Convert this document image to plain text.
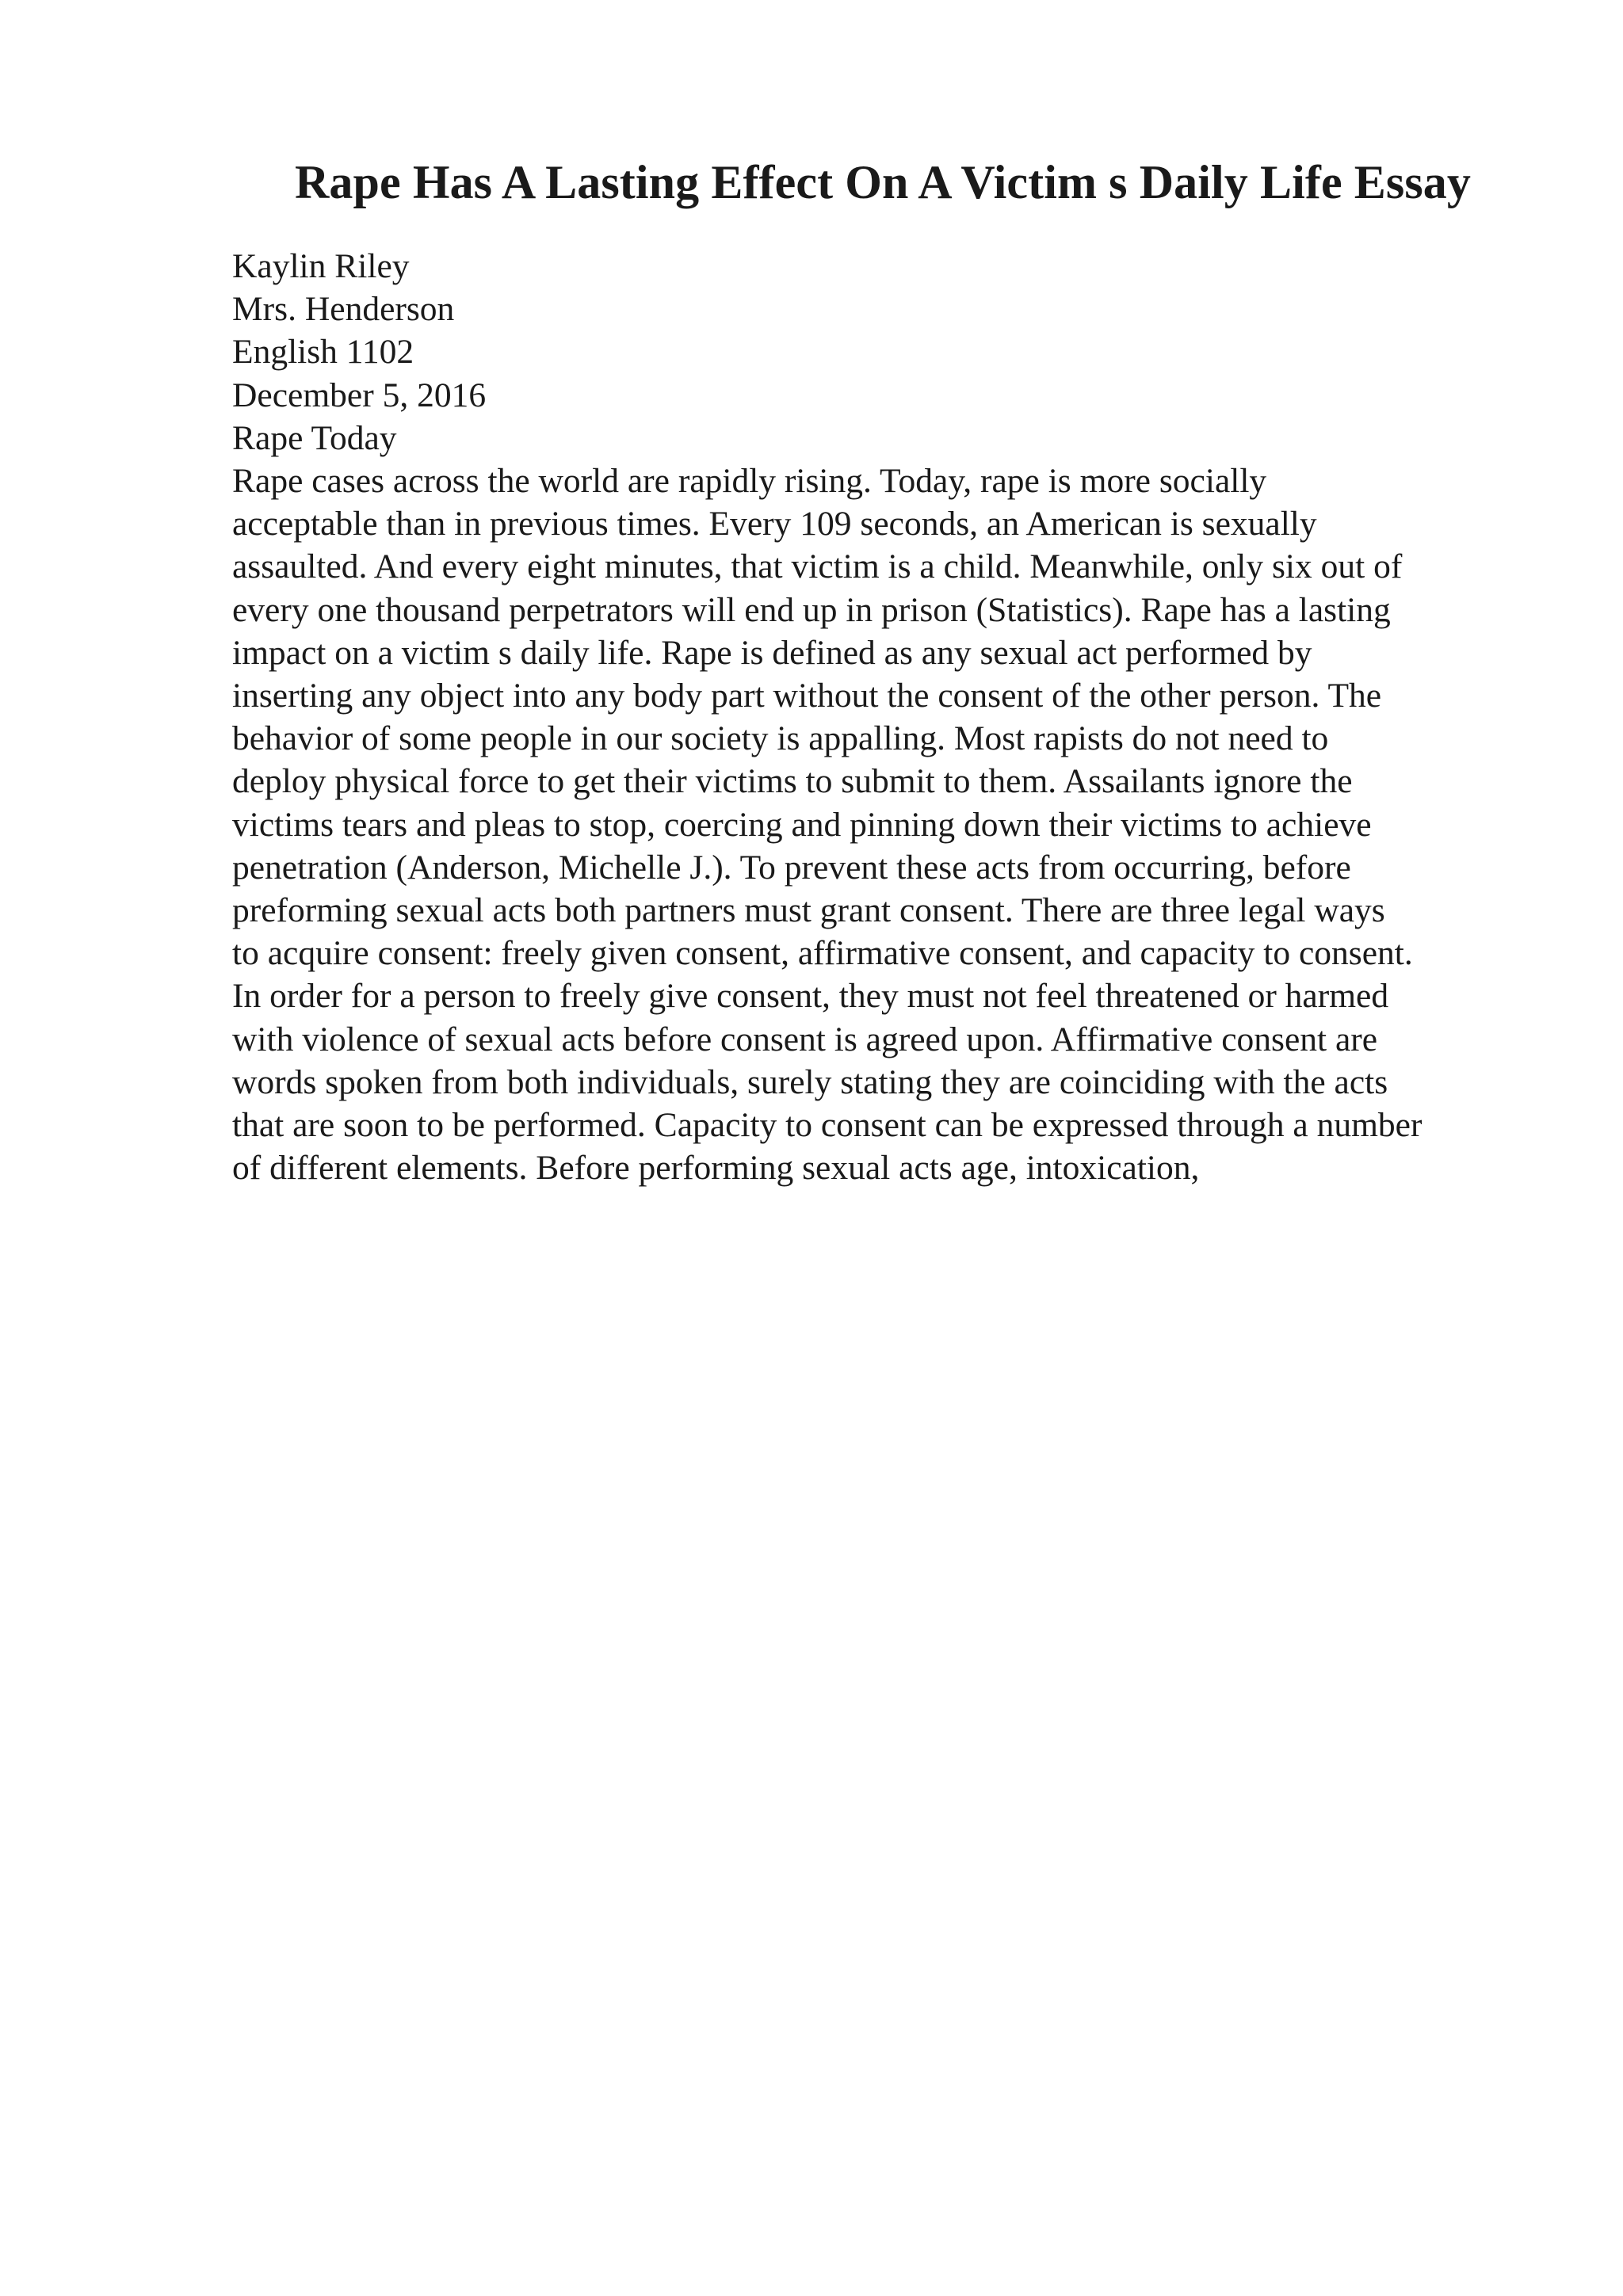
Rape Has A Lasting Effect On A Victim s Daily Life Essay
Kaylin Riley
Mrs. Henderson
English 1102
December 5, 2016
Rape Today
Rape cases across the world are rapidly rising. Today, rape is more socially
acceptable than in previous times. Every 109 seconds, an American is sexually
assaulted. And every eight minutes, that victim is a child. Meanwhile, only six out of
every one thousand perpetrators will end up in prison (Statistics). Rape has a lasting
impact on a victim s daily life. Rape is defined as any sexual act performed by
inserting any object into any body part without the consent of the other person. The
behavior of some people in our society is appalling. Most rapists do not need to
deploy physical force to get their victims to submit to them. Assailants ignore the
victims tears and pleas to stop, coercing and pinning down their victims to achieve
penetration (Anderson, Michelle J.). To prevent these acts from occurring, before
preforming sexual acts both partners must grant consent. There are three legal ways
to acquire consent: freely given consent, affirmative consent, and capacity to consent.
In order for a person to freely give consent, they must not feel threatened or harmed
with violence of sexual acts before consent is agreed upon. Affirmative consent are
words spoken from both individuals, surely stating they are coinciding with the acts
that are soon to be performed. Capacity to consent can be expressed through a number
of different elements. Before performing sexual acts age, intoxication,
